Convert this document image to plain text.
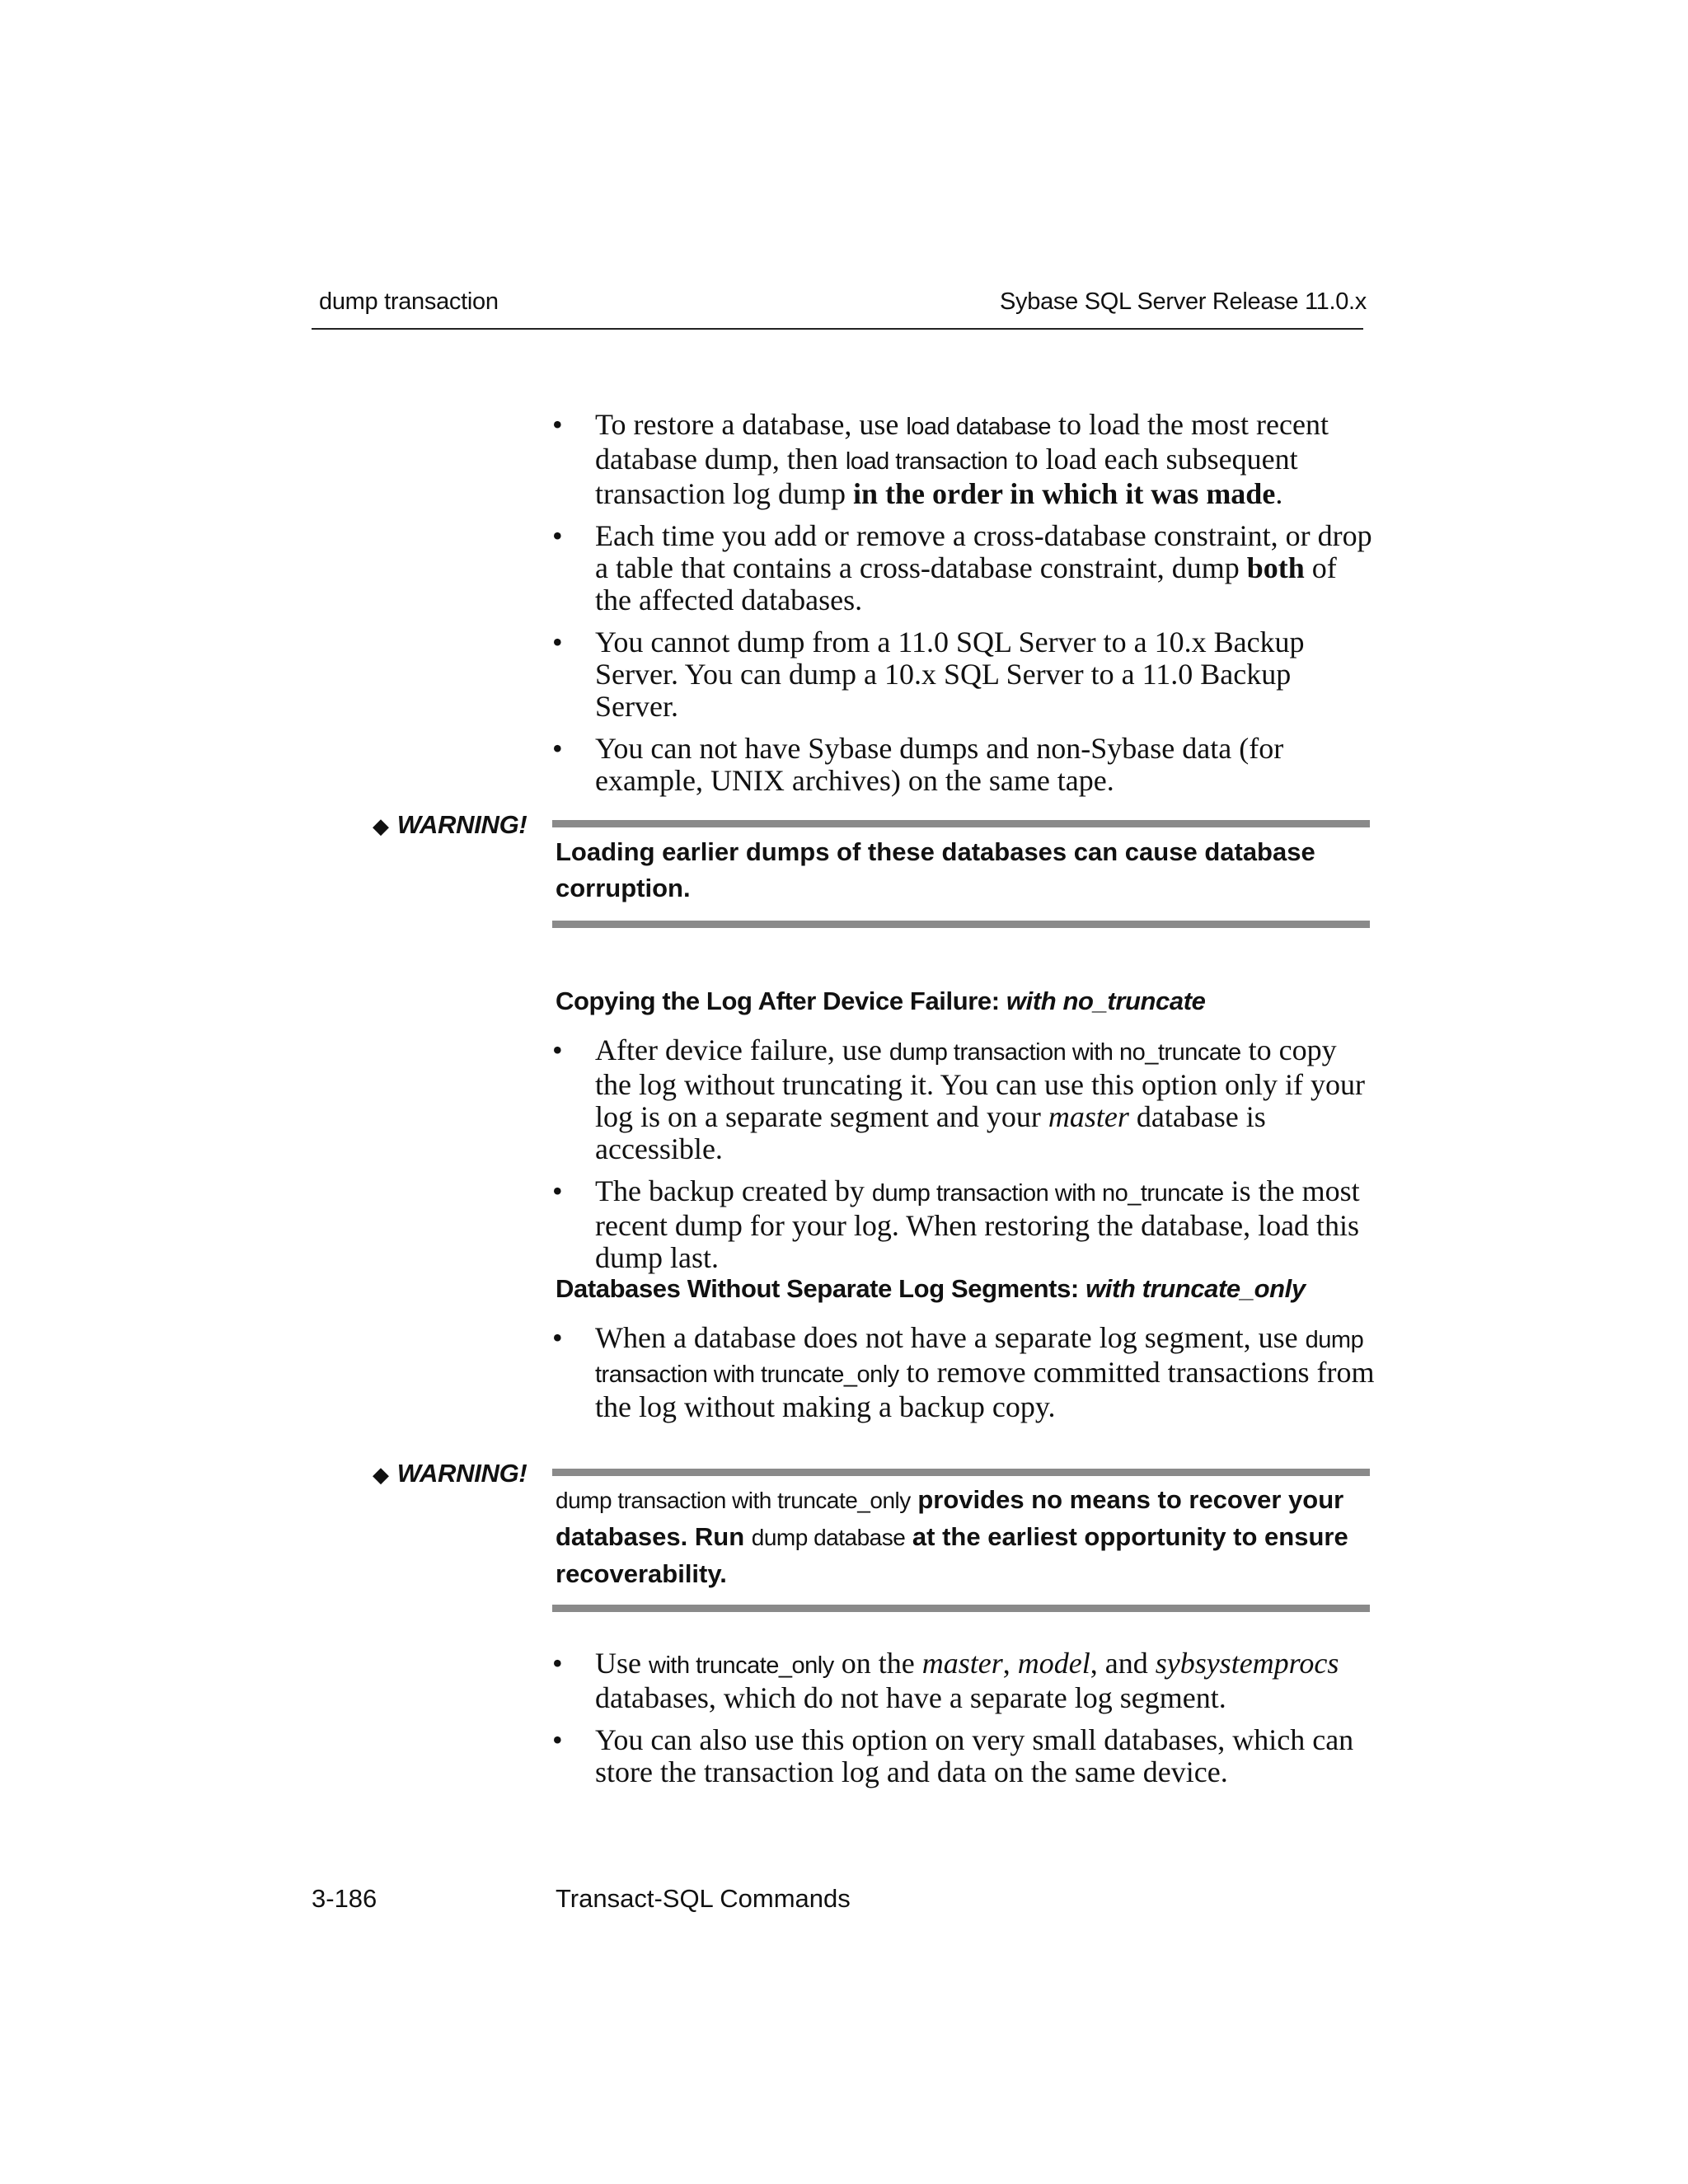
dump transaction	Sybase SQL Server Release 11.0.x
•	To restore a database, use load database to load the most recent database dump, then load transaction to load each subsequent transaction log dump in the order in which it was made.
•	Each time you add or remove a cross-database constraint, or drop a table that contains a cross-database constraint, dump both of the affected databases.
•	You cannot dump from a 11.0 SQL Server to a 10.x Backup Server. You can dump a 10.x SQL Server to a 11.0 Backup Server.
•	You can not have Sybase dumps and non-Sybase data (for example, UNIX archives) on the same tape.
◆ WARNING!
Loading earlier dumps of these databases can cause database corruption.
Copying the Log After Device Failure: with no_truncate
•	After device failure, use dump transaction with no_truncate to copy the log without truncating it. You can use this option only if your log is on a separate segment and your master database is accessible.
•	The backup created by dump transaction with no_truncate is the most recent dump for your log. When restoring the database, load this dump last.
Databases Without Separate Log Segments: with truncate_only
•	When a database does not have a separate log segment, use dump transaction with truncate_only to remove committed transactions from the log without making a backup copy.
◆ WARNING!
dump transaction with truncate_only provides no means to recover your databases. Run dump database at the earliest opportunity to ensure recoverability.
•	Use with truncate_only on the master, model, and sybsystemprocs databases, which do not have a separate log segment.
•	You can also use this option on very small databases, which can store the transaction log and data on the same device.
3-186	Transact-SQL Commands
